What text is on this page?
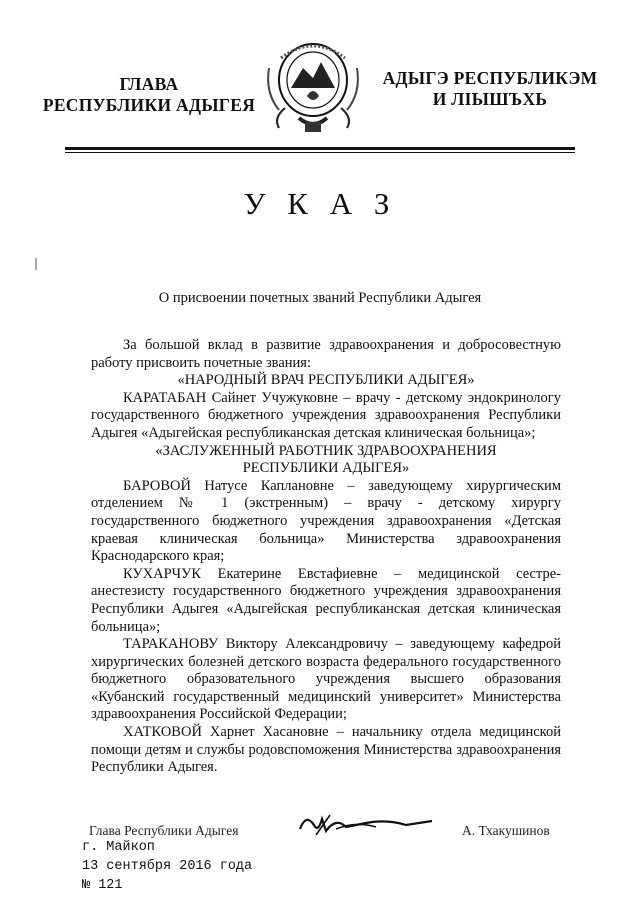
ГЛАВА
РЕСПУБЛИКИ АДЫГЕЯ
АДЫГЭ РЕСПУБЛИКЭМ
И ЛІЫШЪХЬ
У К А З
О присвоении почетных званий Республики Адыгея

За большой вклад в развитие здравоохранения и добросовестную работу присвоить почетные звания:

«НАРОДНЫЙ ВРАЧ РЕСПУБЛИКИ АДЫГЕЯ»

КАРАТАБАН Сайнет Учужуковне – врачу - детскому эндокринологу государственного бюджетного учреждения здравоохранения Республики Адыгея «Адыгейская республиканская детская клиническая больница»;

«ЗАСЛУЖЕННЫЙ РАБОТНИК ЗДРАВООХРАНЕНИЯ

РЕСПУБЛИКИ АДЫГЕЯ»

БАРОВОЙ Натусе Каплановне – заведующему хирургическим отделением № 1 (экстренным) – врачу - детскому хирургу государственного бюджетного учреждения здравоохранения «Детская краевая клиническая больница» Министерства здравоохранения Краснодарского края;

КУХАРЧУК Екатерине Евстафиевне – медицинской сестре-анестезисту государственного бюджетного учреждения здравоохранения Республики Адыгея «Адыгейская республиканская детская клиническая больница»;

ТАРАКАНОВУ Виктору Александровичу – заведующему кафедрой хирургических болезней детского возраста федерального государственного бюджетного образовательного учреждения высшего образования «Кубанский государственный медицинский университет» Министерства здравоохранения Российской Федерации;

ХАТКОВОЙ Харнет Хасановне – начальнику отдела медицинской помощи детям и службы родовспоможения Министерства здравоохранения Республики Адыгея.

Глава Республики Адыгея	А. Тхакушинов
г. Майкоп
13 сентября 2016 года
№ 121
